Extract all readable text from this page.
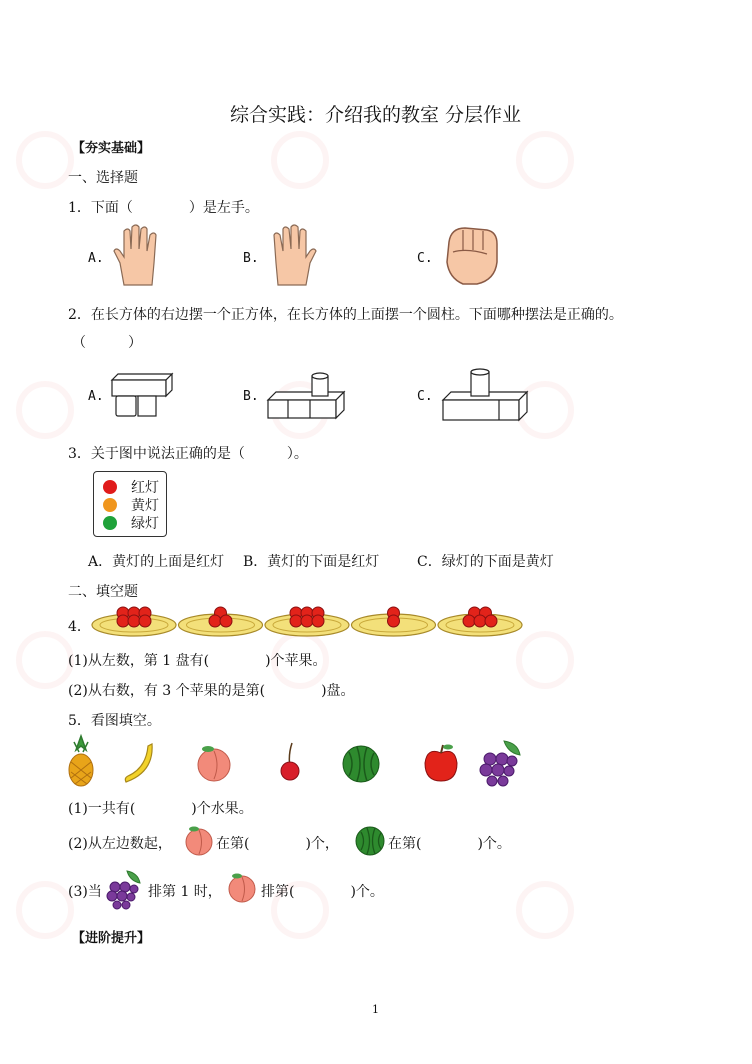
综合实践：介绍我的教室 分层作业
【夯实基础】
一、选择题
1．下面（　　　　）是左手。
A.	B.	C.
2．在长方体的右边摆一个正方体，在长方体的上面摆一个圆柱。下面哪种摆法是正确的。
（　　　）
A.	B.	C.
3．关于图中说法正确的是（　　　）。
红灯
黄灯
绿灯
A．黄灯的上面是红灯 B．黄灯的下面是红灯	C．绿灯的下面是黄灯
二、填空题
4．
(1)从左数，第 1 盘有(　　　　)个苹果。
(2)从右数，有 3 个苹果的是第(　　　　)盘。
5．看图填空。
(1)一共有(　　　　)个水果。
(2)从左边数起，	在第(　　　　)个，	在第(　　　　)个。
(3)当	排第 1 时，	排第(　　　　)个。
【进阶提升】
1
